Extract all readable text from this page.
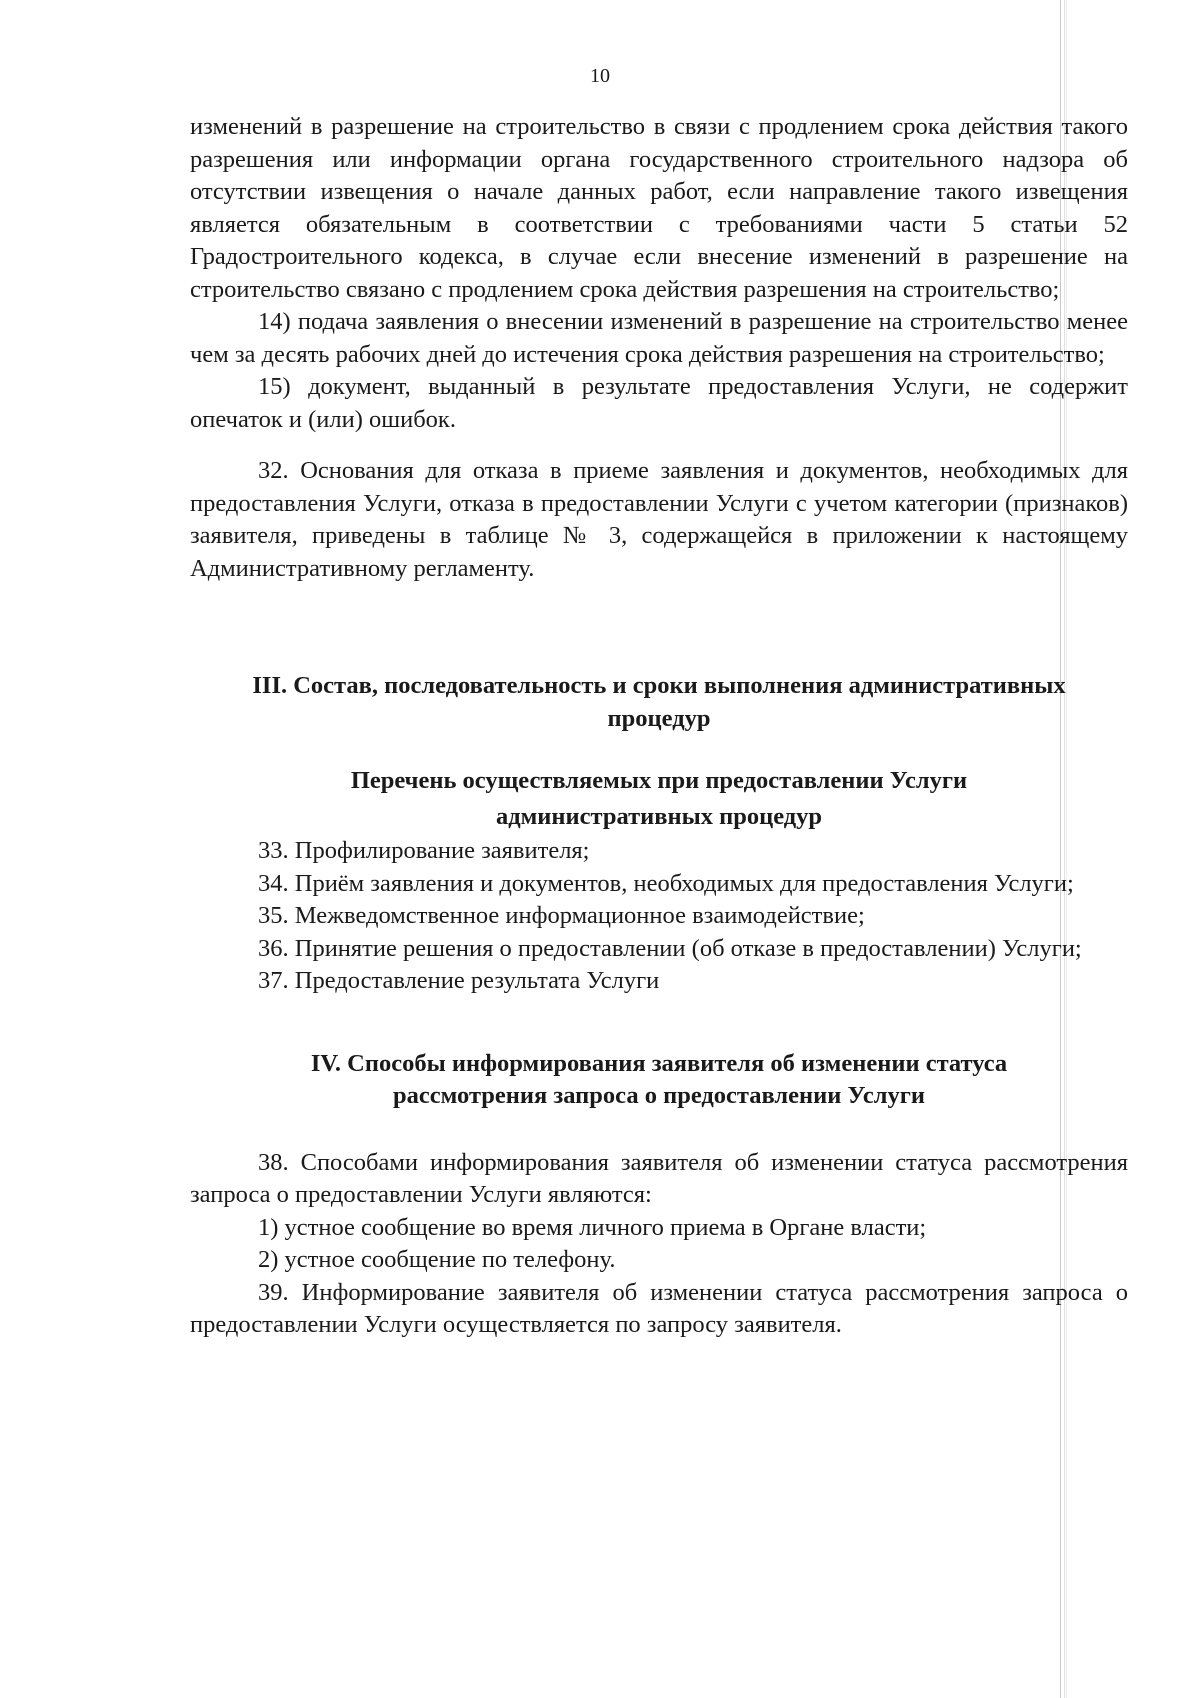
10

изменений в разрешение на строительство в связи с продлением срока действия такого разрешения или информации органа государственного строительного надзора об отсутствии извещения о начале данных работ, если направление такого извещения является обязательным в соответствии с требованиями части 5 статьи 52 Градостроительного кодекса, в случае если внесение изменений в разрешение на строительство связано с продлением срока действия разрешения на строительство;

14) подача заявления о внесении изменений в разрешение на строительство менее чем за десять рабочих дней до истечения срока действия разрешения на строительство;

15) документ, выданный в результате предоставления Услуги, не содержит опечаток и (или) ошибок.

32. Основания для отказа в приеме заявления и документов, необходимых для предоставления Услуги, отказа в предоставлении Услуги с учетом категории (признаков) заявителя, приведены в таблице № 3, содержащейся в приложении к настоящему Административному регламенту.

III. Состав, последовательность и сроки выполнения административных
процедур
Перечень осуществляемых при предоставлении Услуги
административных процедур

33. Профилирование заявителя;

34. Приём заявления и документов, необходимых для предоставления Услуги;

35. Межведомственное информационное взаимодействие;

36. Принятие решения о предоставлении (об отказе в предоставлении) Услуги;

37. Предоставление результата Услуги

IV. Способы информирования заявителя об изменении статуса
рассмотрения запроса о предоставлении Услуги

38. Способами информирования заявителя об изменении статуса рассмотрения запроса о предоставлении Услуги являются:

1) устное сообщение во время личного приема в Органе власти;

2) устное сообщение по телефону.

39. Информирование заявителя об изменении статуса рассмотрения запроса о предоставлении Услуги осуществляется по запросу заявителя.
